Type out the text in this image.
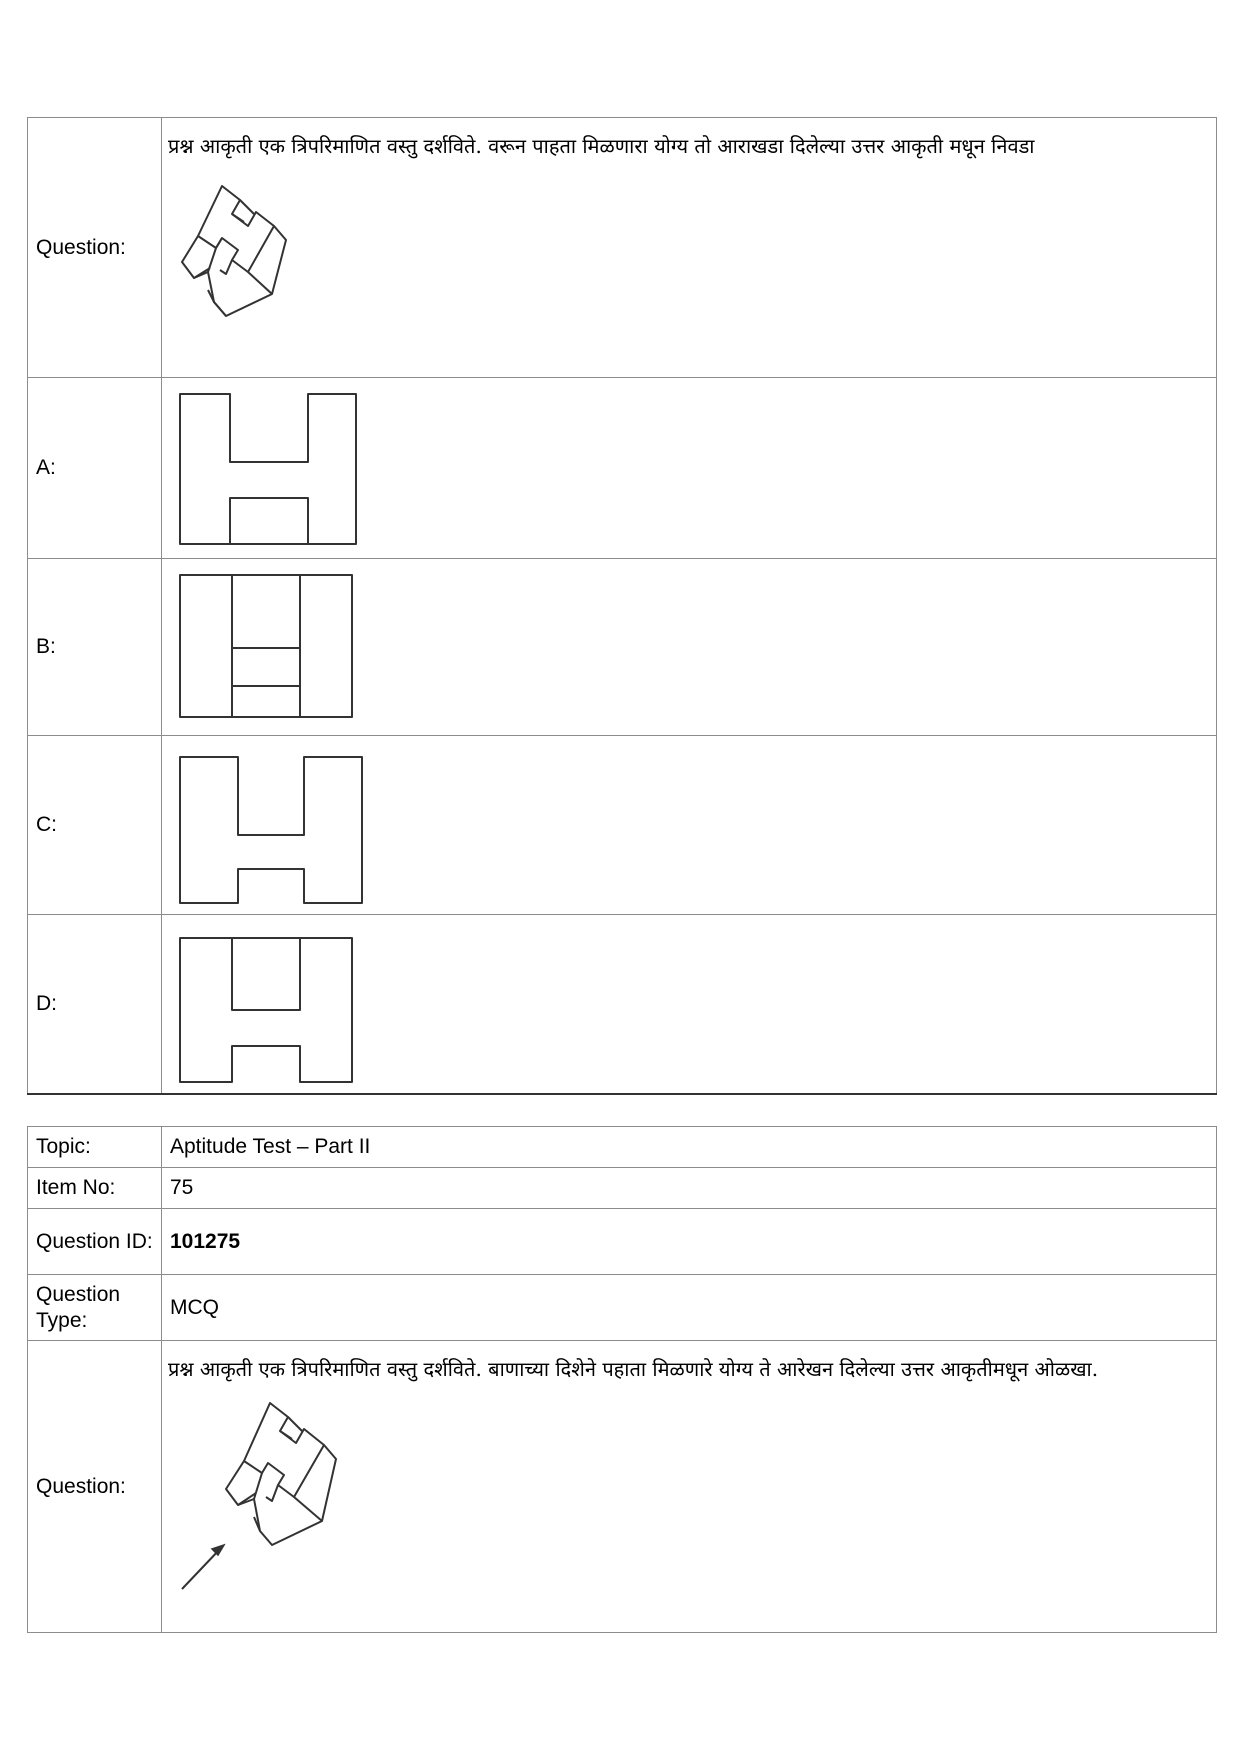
Question:	प्रश्न आकृती एक त्रिपरिमाणित वस्तु दर्शविते. वरून पाहता मिळणारा योग्य तो आराखडा दिलेल्या उत्तर आकृती मधून निवडा

A:	

B:	

C:	

D:	
Topic:	Aptitude Test – Part II
Item No:	75
Question ID:	101275
Question Type:	MCQ
Question:	प्रश्न आकृती एक त्रिपरिमाणित वस्तु दर्शविते. बाणाच्या दिशेने पहाता मिळणारे योग्य ते आरेखन दिलेल्या उत्तर आकृतीमधून ओळखा.
